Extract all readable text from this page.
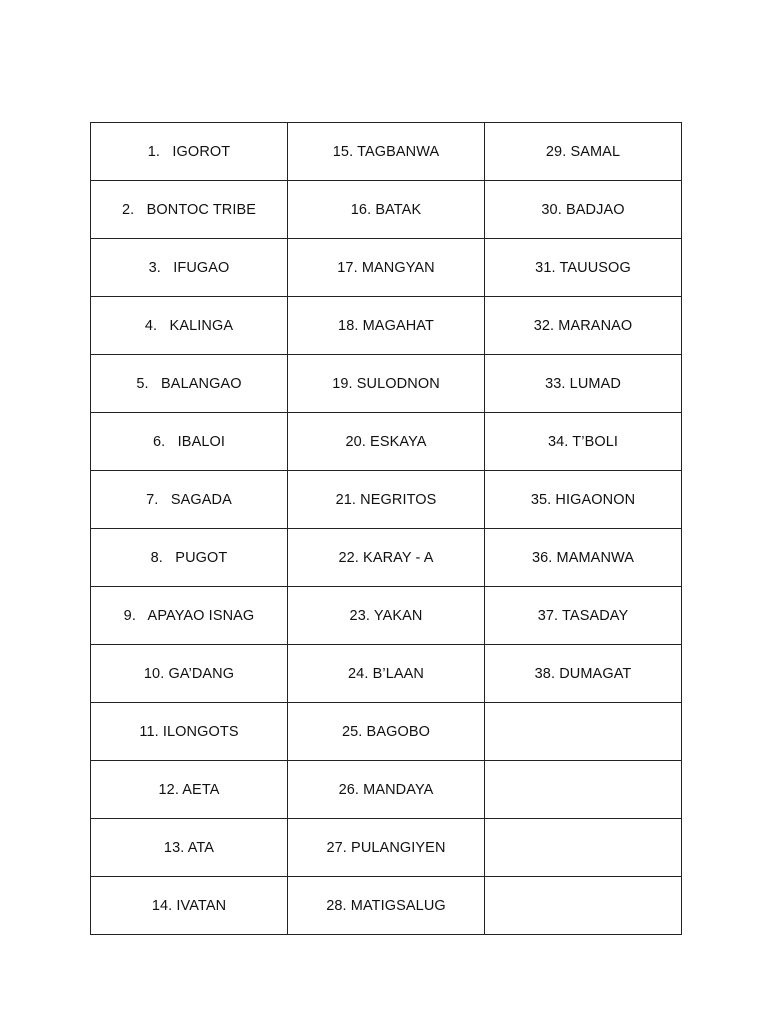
1.   IGOROT	15. TAGBANWA	29. SAMAL
2.   BONTOC TRIBE	16. BATAK	30. BADJAO
3.   IFUGAO	17. MANGYAN	31. TAUUSOG
4.   KALINGA	18. MAGAHAT	32. MARANAO
5.   BALANGAO	19. SULODNON	33. LUMAD
6.   IBALOI	20. ESKAYA	34. T’BOLI
7.   SAGADA	21. NEGRITOS	35. HIGAONON
8.   PUGOT	22. KARAY - A	36. MAMANWA
9.   APAYAO ISNAG	23. YAKAN	37. TASADAY
10. GA’DANG	24. B’LAAN	38. DUMAGAT
11. ILONGOTS	25. BAGOBO	
12. AETA	26. MANDAYA	
13. ATA	27. PULANGIYEN	
14. IVATAN	28. MATIGSALUG	
